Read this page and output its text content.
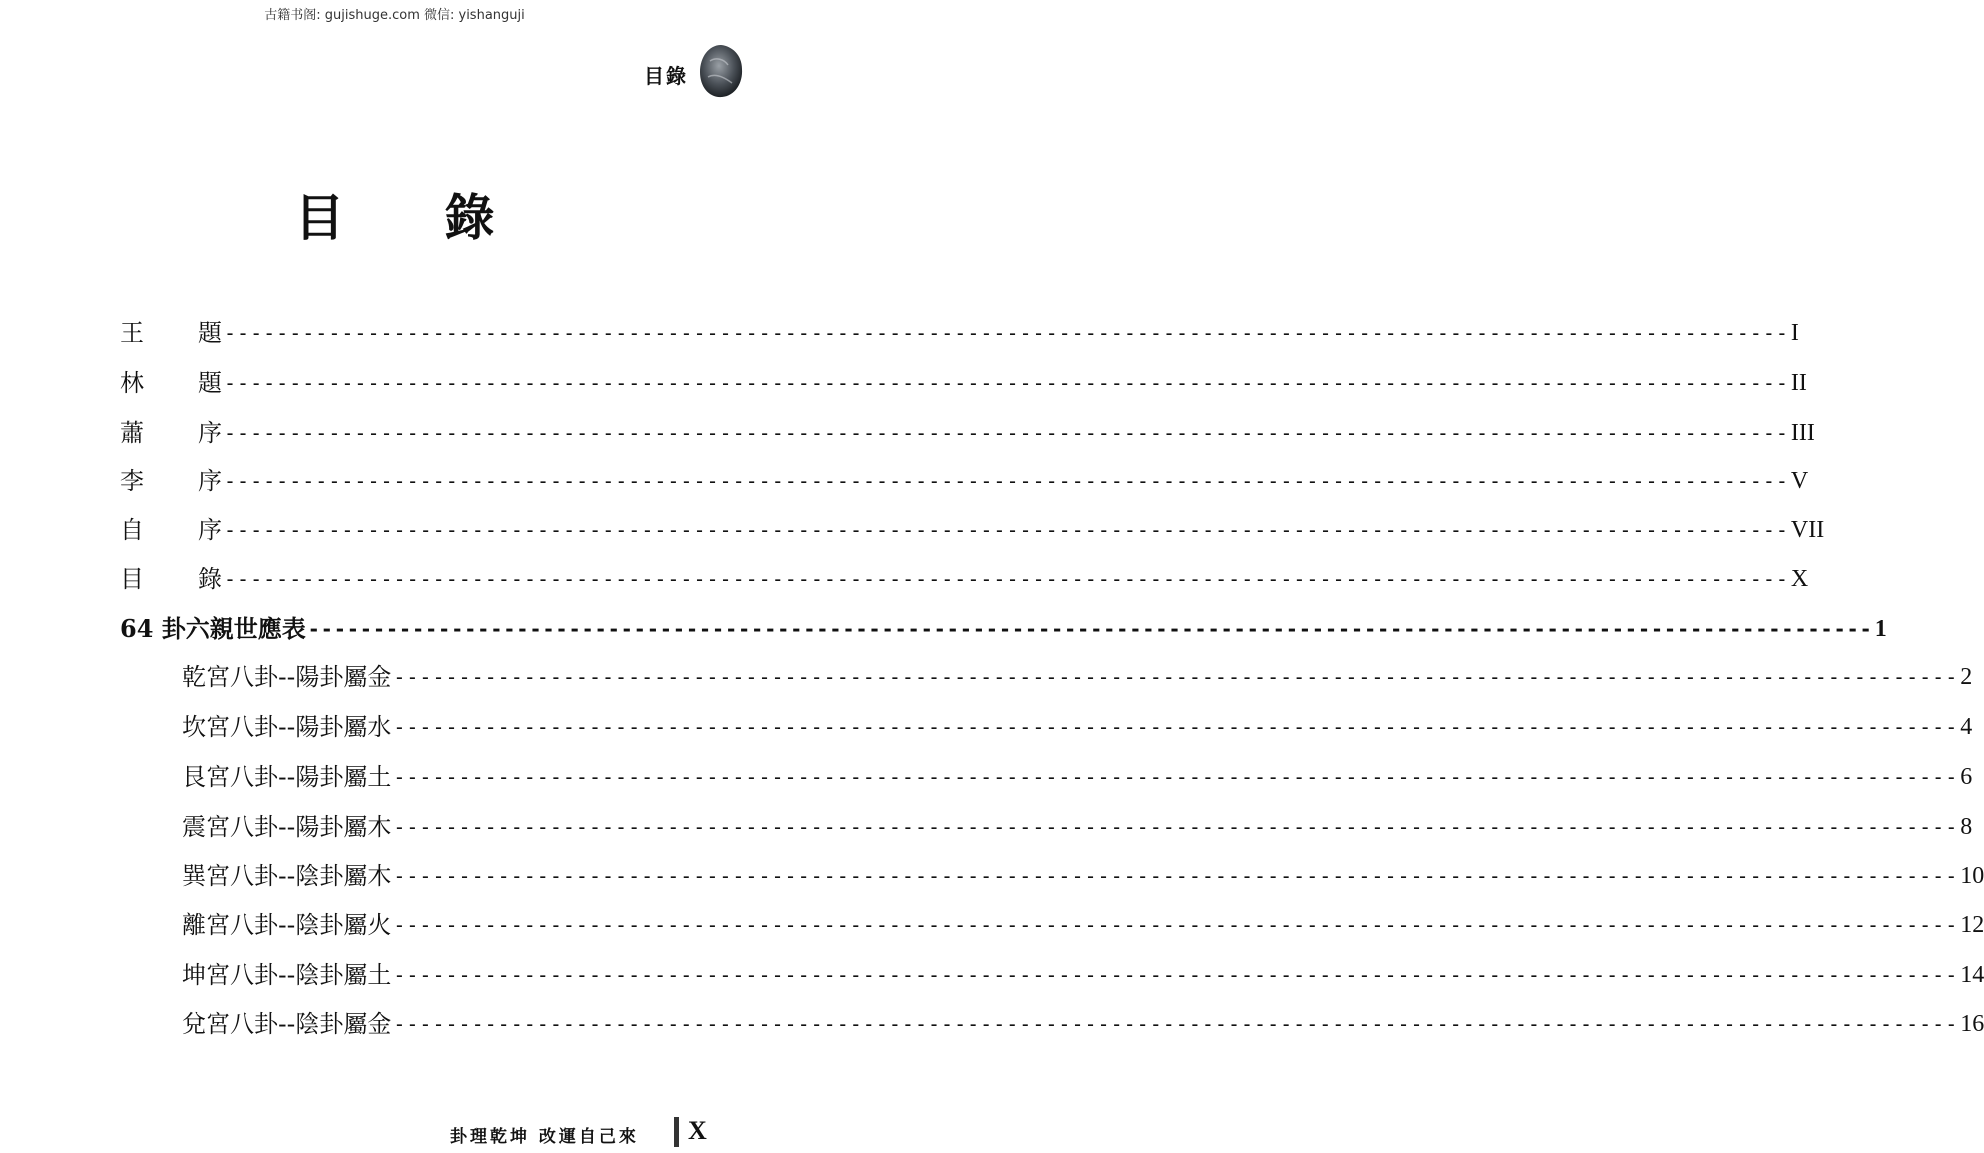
古籍书阁: gujishuge.com 微信: yishanguji
目錄
目 錄
王 題 ------------------------------------------------------------------------------------------------------------------------ I
林 題 ------------------------------------------------------------------------------------------------------------------------ II
蕭 序 ------------------------------------------------------------------------------------------------------------------------ III
李 序 ------------------------------------------------------------------------------------------------------------------------ V
自 序 ------------------------------------------------------------------------------------------------------------------------ VII
目 錄 ------------------------------------------------------------------------------------------------------------------------ X
64 卦六親世應表 ------------------------------------------------------------------------------------------------------------------------ 1
乾宮八卦--陽卦屬金 ------------------------------------------------------------------------------------------------------------------------ 2
坎宮八卦--陽卦屬水 ------------------------------------------------------------------------------------------------------------------------ 4
艮宮八卦--陽卦屬土 ------------------------------------------------------------------------------------------------------------------------ 6
震宮八卦--陽卦屬木 ------------------------------------------------------------------------------------------------------------------------ 8
巽宮八卦--陰卦屬木 ------------------------------------------------------------------------------------------------------------------------ 10
離宮八卦--陰卦屬火 ------------------------------------------------------------------------------------------------------------------------ 12
坤宮八卦--陰卦屬土 ------------------------------------------------------------------------------------------------------------------------ 14
兌宮八卦--陰卦屬金 ------------------------------------------------------------------------------------------------------------------------ 16
卦理乾坤 改運自己來 X
